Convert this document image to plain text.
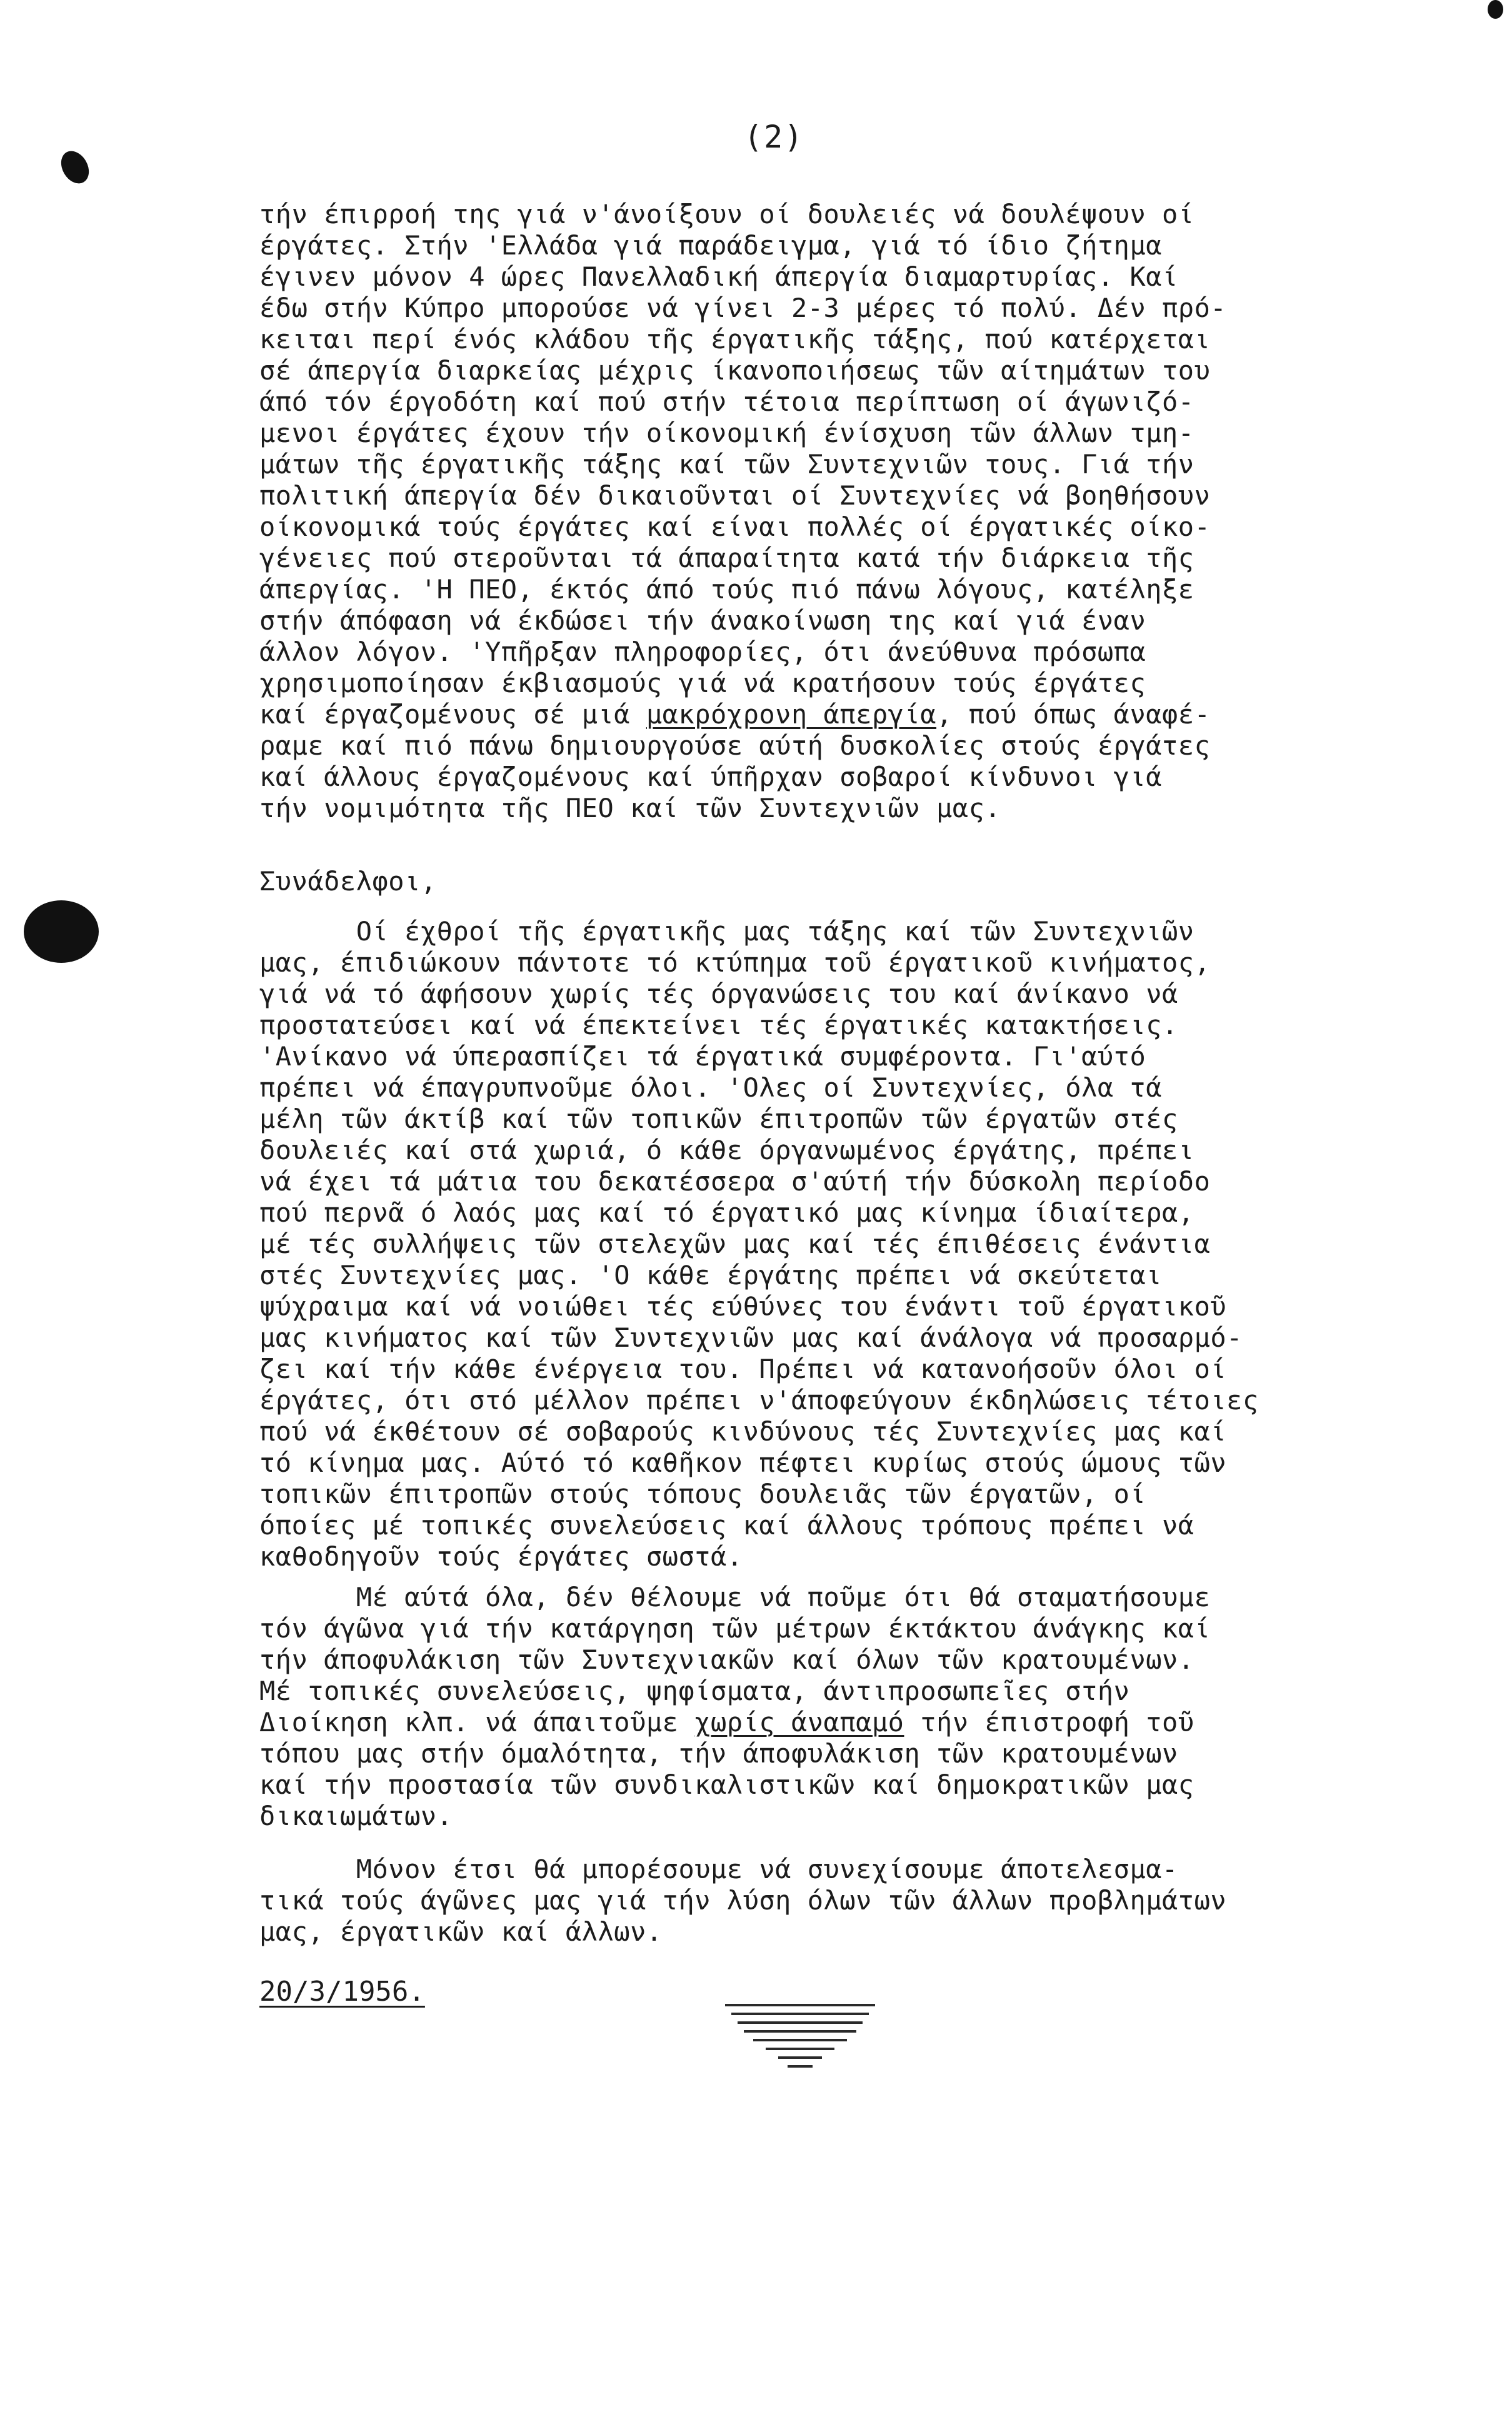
(2)
τήν έπιρροή της γιά ν'άνοίξουν οί δουλειές νά δουλέψουν οί
έργάτες. Στήν 'Ελλάδα γιά παράδειγμα, γιά τό ίδιο ζήτημα
έγινεν μόνον 4 ώρες Πανελλαδική άπεργία διαμαρτυρίας. Καί
έδω στήν Κύπρο μπορούσε νά γίνει 2-3 μέρες τό πολύ. Δέν πρό-
κειται περί ένός κλάδου τῆς έργατικῆς τάξης, πού κατέρχεται
σέ άπεργία διαρκείας μέχρις ίκανοποιήσεως τῶν αίτημάτων του
άπό τόν έργοδότη καί πού στήν τέτοια περίπτωση οί άγωνιζό-
μενοι έργάτες έχουν τήν οίκονομική ένίσχυση τῶν άλλων τμη-
μάτων τῆς έργατικῆς τάξης καί τῶν Συντεχνιῶν τους. Γιά τήν
πολιτική άπεργία δέν δικαιοῦνται οί Συντεχνίες νά βοηθήσουν
οίκονομικά τούς έργάτες καί είναι πολλές οί έργατικές οίκο-
γένειες πού στεροῦνται τά άπαραίτητα κατά τήν διάρκεια τῆς
άπεργίας. 'Η ΠΕΟ, έκτός άπό τούς πιό πάνω λόγους, κατέληξε
στήν άπόφαση νά έκδώσει τήν άνακοίνωση της καί γιά έναν
άλλον λόγον. 'Υπῆρξαν πληροφορίες, ότι άνεύθυνα πρόσωπα
χρησιμοποίησαν έκβιασμούς γιά νά κρατήσουν τούς έργάτες
καί έργαζομένους σέ μιά μακρόχρονη άπεργία, πού όπως άναφέ-
ραμε καί πιό πάνω δημιουργούσε αύτή δυσκολίες στούς έργάτες
καί άλλους έργαζομένους καί ύπῆρχαν σοβαροί κίνδυνοι γιά
τήν νομιμότητα τῆς ΠΕΟ καί τῶν Συντεχνιῶν μας.
Συνάδελφοι,
Οί έχθροί τῆς έργατικῆς μας τάξης καί τῶν Συντεχνιῶν
μας, έπιδιώκουν πάντοτε τό κτύπημα τοῦ έργατικοῦ κινήματος,
γιά νά τό άφήσουν χωρίς τές όργανώσεις του καί άνίκανο νά
προστατεύσει καί νά έπεκτείνει τές έργατικές κατακτήσεις.
'Ανίκανο νά ύπερασπίζει τά έργατικά συμφέροντα. Γι'αύτό
πρέπει νά έπαγρυπνοῦμε όλοι. 'Ολες οί Συντεχνίες, όλα τά
μέλη τῶν άκτίβ καί τῶν τοπικῶν έπιτροπῶν τῶν έργατῶν στές
δουλειές καί στά χωριά, ό κάθε όργανωμένος έργάτης, πρέπει
νά έχει τά μάτια του δεκατέσσερα σ'αύτή τήν δύσκολη περίοδο
πού περνᾶ ό λαός μας καί τό έργατικό μας κίνημα ίδιαίτερα,
μέ τές συλλήψεις τῶν στελεχῶν μας καί τές έπιθέσεις ένάντια
στές Συντεχνίες μας. 'Ο κάθε έργάτης πρέπει νά σκεύτεται
ψύχραιμα καί νά νοιώθει τές εύθύνες του ένάντι τοῦ έργατικοῦ
μας κινήματος καί τῶν Συντεχνιῶν μας καί άνάλογα νά προσαρμό-
ζει καί τήν κάθε ένέργεια του. Πρέπει νά κατανοήσοῦν όλοι οί
έργάτες, ότι στό μέλλον πρέπει ν'άποφεύγουν έκδηλώσεις τέτοιες
πού νά έκθέτουν σέ σοβαρούς κινδύνους τές Συντεχνίες μας καί
τό κίνημα μας. Αύτό τό καθῆκον πέφτει κυρίως στούς ώμους τῶν
τοπικῶν έπιτροπῶν στούς τόπους δουλειᾶς τῶν έργατῶν, οί
όποίες μέ τοπικές συνελεύσεις καί άλλους τρόπους πρέπει νά
καθοδηγοῦν τούς έργάτες σωστά.
Μέ αύτά όλα, δέν θέλουμε νά ποῦμε ότι θά σταματήσουμε
τόν άγῶνα γιά τήν κατάργηση τῶν μέτρων έκτάκτου άνάγκης καί
τήν άποφυλάκιση τῶν Συντεχνιακῶν καί όλων τῶν κρατουμένων.
Μέ τοπικές συνελεύσεις, ψηφίσματα, άντιπροσωπεῖες στήν
Διοίκηση κλπ. νά άπαιτοῦμε χωρίς άναπαμό τήν έπιστροφή τοῦ
τόπου μας στήν όμαλότητα, τήν άποφυλάκιση τῶν κρατουμένων
καί τήν προστασία τῶν συνδικαλιστικῶν καί δημοκρατικῶν μας
δικαιωμάτων.
Μόνον έτσι θά μπορέσουμε νά συνεχίσουμε άποτελεσμα-
τικά τούς άγῶνες μας γιά τήν λύση όλων τῶν άλλων προβλημάτων
μας, έργατικῶν καί άλλων.
20/3/1956.
